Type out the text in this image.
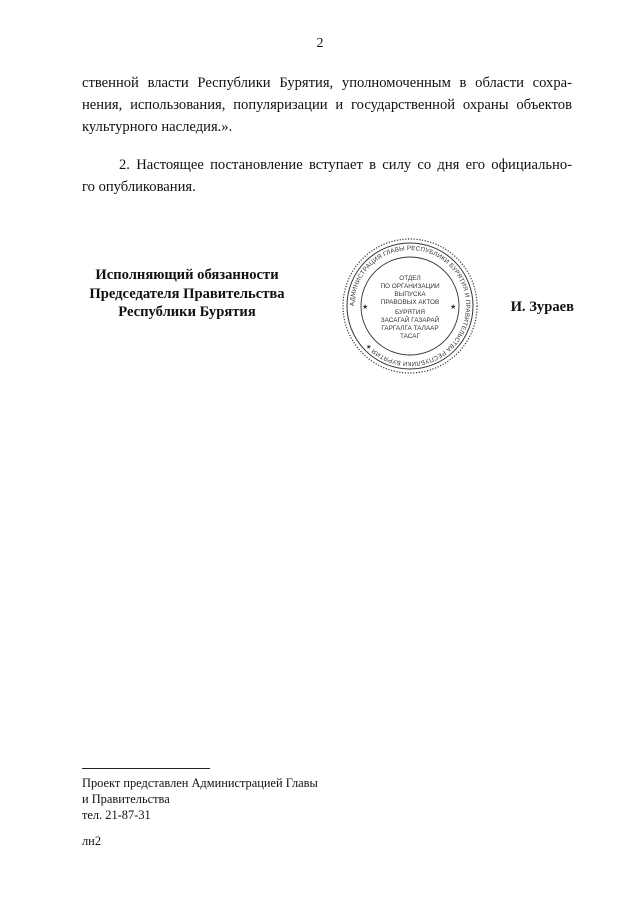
2
ственной власти Республики Бурятия, уполномоченным в области сохра-
нения, использования, популяризации и государственной охраны объектов
культурного наследия.».
2. Настоящее постановление вступает в силу со дня его официально-
го опубликования.
Исполняющий обязанности
Председателя Правительства
Республики Бурятия
АДМИНИСТРАЦИЯ ГЛАВЫ РЕСПУБЛИКИ БУРЯТИЯ И ПРАВИТЕЛЬСТВА РЕСПУБЛИКИ БУРЯТИЯ ★
ОТДЕЛ
ПО ОРГАНИЗАЦИИ
ВЫПУСКА
ПРАВОВЫХ АКТОВ
БУРЯТИЯ
ЗАСАГАЙ ГАЗАРАЙ
ГАРГАЛГА ТАЛААР
ТАСАГ
★	★	И. Зураев
Проект представлен Администрацией Главы
и Правительства
тел. 21-87-31
лн2
